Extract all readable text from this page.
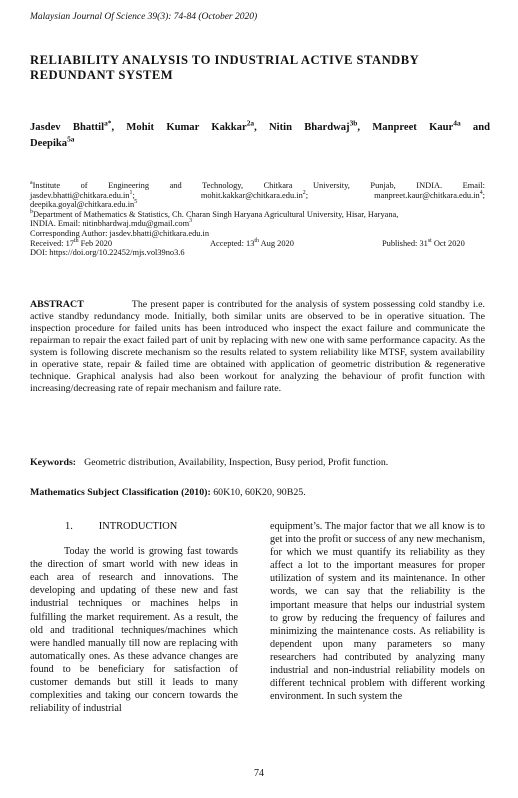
Malaysian Journal Of Science 39(3): 74-84 (October 2020)
RELIABILITY ANALYSIS TO INDUSTRIAL ACTIVE STANDBY REDUNDANT SYSTEM
Jasdev Bhattil$^{a*}$, Mohit Kumar Kakkar$^{2a}$, Nitin Bhardwaj$^{3b}$, Manpreet Kaur$^{4a}$ and
Deepika$^{5a}$
$^a$Institute of Engineering and Technology, Chitkara University, Punjab, INDIA. Email:
$jasdev.bhatti@chitkara.edu.in^1$;	$mohit.kakkar@chitkara.edu.in^2$;	$manpreet.kaur@chitkara.edu.in^4$;
$deepika.goyal@chitkara.edu.in^5$
$^b$Department of Mathematics & Statistics, Ch. Charan Singh Haryana Agricultural University, Hisar, Haryana,
INDIA. Email: nitinbhardwaj.mdu@gmail.com$^3$
Corresponding Author: jasdev.bhatti@chitkara.edu.in
Received: 17th Feb 2020	Accepted: 13th Aug 2020	Published: 31st Oct 2020
DOI: https://doi.org/10.22452/mjs.vol39no3.6
ABSTRACT	The present paper is contributed for the analysis of system possessing cold standby i.e. active standby redundancy mode. Initially, both similar units are observed to be in operative situation. The inspection procedure for failed units has been introduced who inspect the exact failure and communicate the repairman to repair the exact failed part of unit by replacing with new one with same performance capacity. As the system is following discrete mechanism so the results related to system reliability like MTSF, system availability in operative state, repair & failed time are obtained with application of geometric distribution & regenerative technique. Graphical analysis had also been workout for analyzing the behaviour of profit function with increasing/decreasing rate of repair mechanism and failure rate.
Keywords: Geometric distribution, Availability, Inspection, Busy period, Profit function.
Mathematics Subject Classification (2010): 60K10, 60K20, 90B25.
1.	INTRODUCTION

Today the world is growing fast towards the direction of smart world with new ideas in each area of research and innovations. The developing and updating of these new and fast industrial techniques or machines helps in fulfilling the market requirement. As a result, the old and traditional techniques/machines which were handled manually till now are replacing with automatically ones. As these advance changes are found to be beneficiary for satisfaction of customer demands but still it leads to many complexities and taking our concern towards the reliability of industrial

equipment’s. The major factor that we all know is to get into the profit or success of any new mechanism, for which we must quantify its reliability as they affect a lot to the important measures for proper utilization of system and its maintenance. In other words, we can say that the reliability is the important measure that helps our industrial system to grow by reducing the frequency of failures and minimizing the maintenance costs. As reliability is dependent upon many parameters so many researchers had contributed by analyzing many industrial and non-industrial reliability models on different technical problem with different working environment. In such system the

74
